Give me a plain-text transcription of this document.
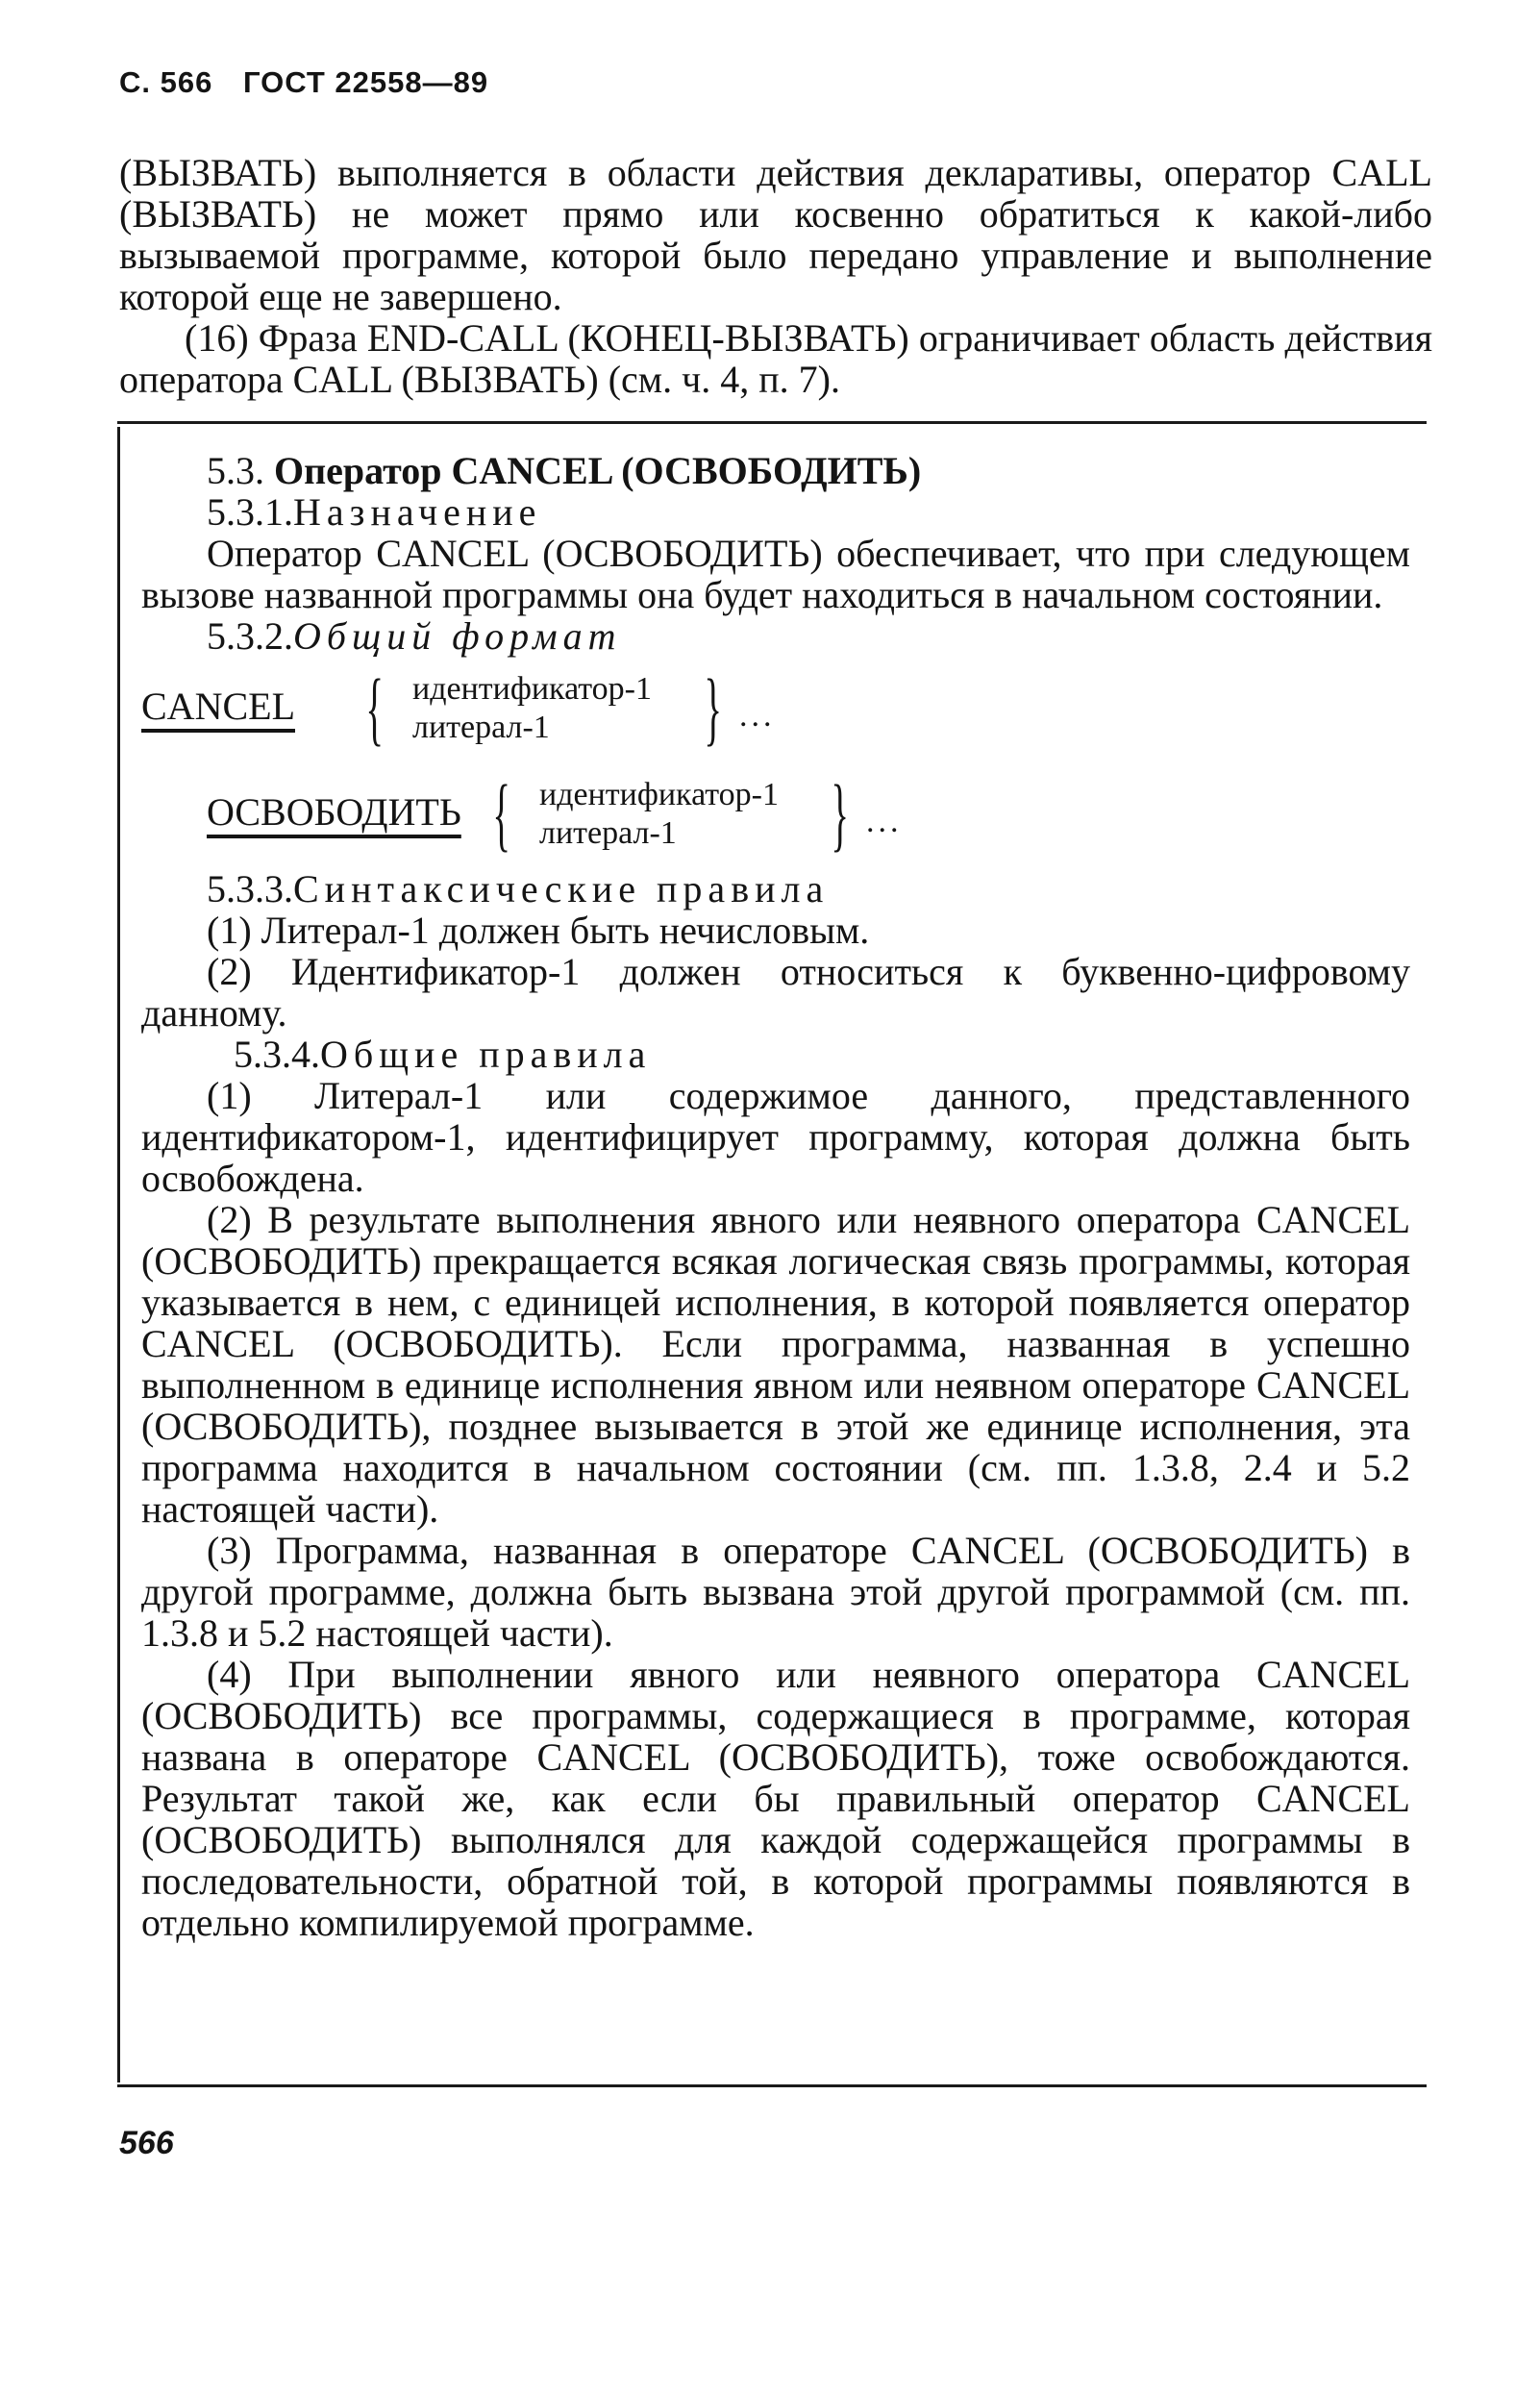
С. 566 ГОСТ 22558—89

(ВЫЗВАТЬ) выполняется в области действия декларативы, оператор CALL (ВЫЗВАТЬ) не может прямо или косвенно обратиться к какой-либо вызываемой программе, которой было передано управление и выполнение которой еще не завершено.

(16) Фраза END-CALL (КОНЕЦ-ВЫЗВАТЬ) ограничивает область действия оператора CALL (ВЫЗВАТЬ) (см. ч. 4, п. 7).

5.3. Оператор CANCEL (ОСВОБОДИТЬ)

5.3.1.Назначение

Оператор CANCEL (ОСВОБОДИТЬ) обеспечивает, что при следующем вызове названной программы она будет находиться в начальном состоянии.

5.3.2.Общий формат

CANCEL { идентификатор-1
литерал-1	} ...
ОСВОБОДИТЬ { идентификатор-1
литерал-1	} ...

5.3.3.Синтаксические правила

(1) Литерал-1 должен быть нечисловым.

(2) Идентификатор-1 должен относиться к буквенно-цифровому данному.

5.3.4.Общие правила

(1) Литерал-1 или содержимое данного, представленного идентификатором-1, идентифицирует программу, которая должна быть освобождена.

(2) В результате выполнения явного или неявного оператора CANCEL (ОСВОБОДИТЬ) прекращается всякая логическая связь программы, которая указывается в нем, с единицей исполнения, в которой появляется оператор CANCEL (ОСВОБОДИТЬ). Если программа, названная в успешно выполненном в единице исполнения явном или неявном операторе CANCEL (ОСВОБОДИТЬ), позднее вызывается в этой же единице исполнения, эта программа находится в начальном состоянии (см. пп. 1.3.8, 2.4 и 5.2 настоящей части).

(3) Программа, названная в операторе CANCEL (ОСВОБОДИТЬ) в другой программе, должна быть вызвана этой другой программой (см. пп. 1.3.8 и 5.2 настоящей части).

(4) При выполнении явного или неявного оператора CANCEL (ОСВОБОДИТЬ) все программы, содержащиеся в программе, которая названа в операторе CANCEL (ОСВОБОДИТЬ), тоже освобождаются. Результат такой же, как если бы правильный оператор CANCEL (ОСВОБОДИТЬ) выполнялся для каждой содержащейся программы в последовательности, обратной той, в которой программы появляются в отдельно компилируемой программе.

566
